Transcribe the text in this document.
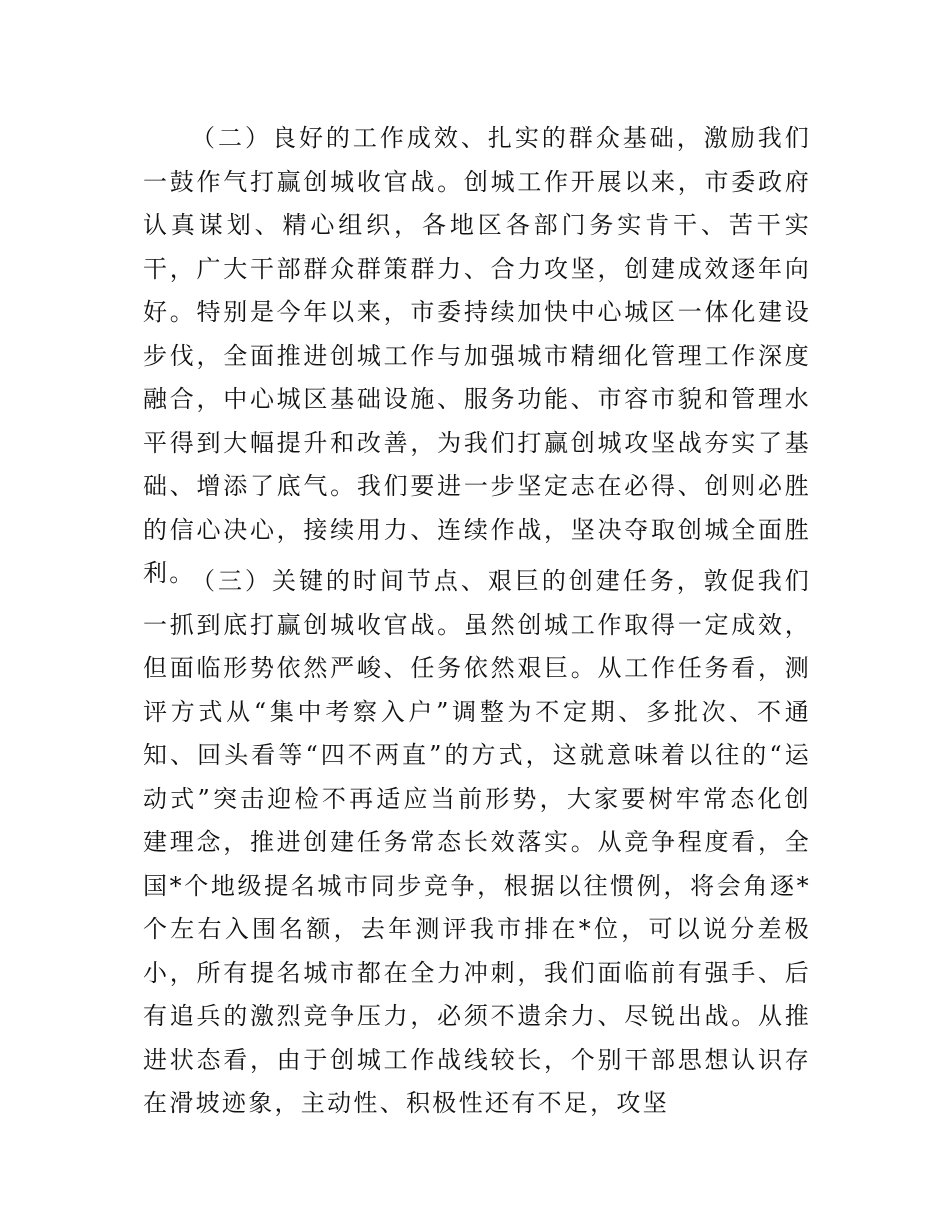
（二）良好的工作成效、扎实的群众基础，激励我们一鼓作气打赢创城收官战。创城工作开展以来，市委政府认真谋划、精心组织，各地区各部门务实肯干、苦干实干，广大干部群众群策群力、合力攻坚，创建成效逐年向好。特别是今年以来，市委持续加快中心城区一体化建设步伐，全面推进创城工作与加强城市精细化管理工作深度融合，中心城区基础设施、服务功能、市容市貌和管理水平得到大幅提升和改善，为我们打赢创城攻坚战夯实了基础、增添了底气。我们要进一步坚定志在必得、创则必胜的信心决心，接续用力、连续作战，坚决夺取创城全面胜利。

（三）关键的时间节点、艰巨的创建任务，敦促我们一抓到底打赢创城收官战。虽然创城工作取得一定成效，但面临形势依然严峻、任务依然艰巨。从工作任务看，测评方式从“集中考察入户”调整为不定期、多批次、不通知、回头看等“四不两直”的方式，这就意味着以往的“运动式”突击迎检不再适应当前形势，大家要树牢常态化创建理念，推进创建任务常态长效落实。从竞争程度看，全国*个地级提名城市同步竞争，根据以往惯例，将会角逐*个左右入围名额，去年测评我市排在*位，可以说分差极小，所有提名城市都在全力冲刺，我们面临前有强手、后有追兵的激烈竞争压力，必须不遗余力、尽锐出战。从推进状态看，由于创城工作战线较长，个别干部思想认识存在滑坡迹象，主动性、积极性还有不足，攻坚
